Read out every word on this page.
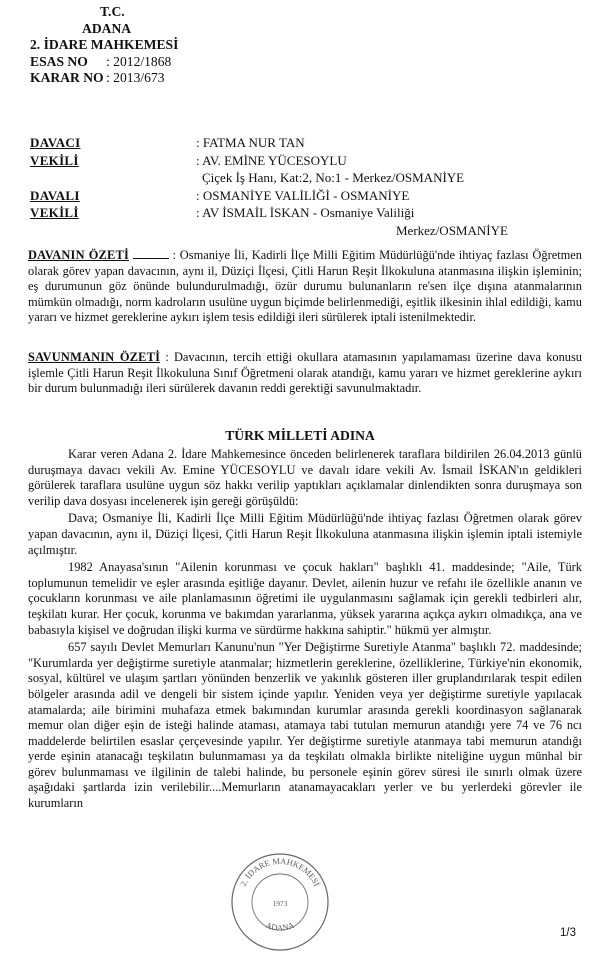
T.C.
ADANA
2. İDARE MAHKEMESİ
ESAS NO : 2012/1868
KARAR NO : 2013/673
DAVACI	: FATMA NUR TAN
VEKİLİ	: AV. EMİNE YÜCESOYLU
Çiçek İş Hanı, Kat:2, No:1 - Merkez/OSMANİYE
DAVALI	: OSMANİYE VALİLİĞİ - OSMANİYE
VEKİLİ	: AV İSMAİL İSKAN - Osmaniye Valiliği
Merkez/OSMANİYE
DAVANIN ÖZETİ	: Osmaniye İli, Kadirli İlçe Milli Eğitim Müdürlüğü'nde ihtiyaç fazlası Öğretmen olarak görev yapan davacının, aynı il, Düziçi İlçesi, Çitli Harun Reşit İlkokuluna atanmasına ilişkin işleminin; eş durumunun göz önünde bulundurulmadığı, özür durumu bulunanların re'sen ilçe dışına atanmalarının mümkün olmadığı, norm kadroların usulüne uygun biçimde belirlenmediği, eşitlik ilkesinin ihlal edildiği, kamu yararı ve hizmet gereklerine aykırı işlem tesis edildiği ileri sürülerek iptali istenilmektedir.
SAVUNMANIN ÖZETİ : Davacının, tercih ettiği okullara atamasının yapılamaması üzerine dava konusu işlemle Çitli Harun Reşit İlkokuluna Sınıf Öğretmeni olarak atandığı, kamu yararı ve hizmet gereklerine aykırı bir durum bulunmadığı ileri sürülerek davanın reddi gerektiği savunulmaktadır.
TÜRK MİLLETİ ADINA

Karar veren Adana 2. İdare Mahkemesince önceden belirlenerek taraflara bildirilen 26.04.2013 günlü duruşmaya davacı vekili Av. Emine YÜCESOYLU ve davalı idare vekili Av. İsmail İSKAN'ın geldikleri görülerek taraflara usulüne uygun söz hakkı verilip yaptıkları açıklamalar dinlendikten sonra duruşmaya son verilip dava dosyası incelenerek işin gereği görüşüldü:

Dava; Osmaniye İli, Kadirli İlçe Milli Eğitim Müdürlüğü'nde ihtiyaç fazlası Öğretmen olarak görev yapan davacının, aynı il, Düziçi İlçesi, Çitli Harun Reşit İlkokuluna atanmasına ilişkin işlemin iptali istemiyle açılmıştır.

1982 Anayasa'sının "Ailenin korunması ve çocuk hakları" başlıklı 41. maddesinde; "Aile, Türk toplumunun temelidir ve eşler arasında eşitliğe dayanır. Devlet, ailenin huzur ve refahı ile özellikle ananın ve çocukların korunması ve aile planlamasının öğretimi ile uygulanmasını sağlamak için gerekli tedbirleri alır, teşkilatı kurar. Her çocuk, korunma ve bakımdan yararlanma, yüksek yararına açıkça aykırı olmadıkça, ana ve babasıyla kişisel ve doğrudan ilişki kurma ve sürdürme hakkına sahiptir." hükmü yer almıştır.

657 sayılı Devlet Memurları Kanunu'nun "Yer Değiştirme Suretiyle Atanma" başlıklı 72. maddesinde; "Kurumlarda yer değiştirme suretiyle atanmalar; hizmetlerin gereklerine, özelliklerine, Türkiye'nin ekonomik, sosyal, kültürel ve ulaşım şartları yönünden benzerlik ve yakınlık gösteren iller gruplandırılarak tespit edilen bölgeler arasında adil ve dengeli bir sistem içinde yapılır. Yeniden veya yer değiştirme suretiyle yapılacak atamalarda; aile birimini muhafaza etmek bakımından kurumlar arasında gerekli koordinasyon sağlanarak memur olan diğer eşin de isteği halinde ataması, atamaya tabi tutulan memurun atandığı yere 74 ve 76 ncı maddelerde belirtilen esaslar çerçevesinde yapılır. Yer değiştirme suretiyle atanmaya tabi memurun atandığı yerde eşinin atanacağı teşkilatın bulunmaması ya da teşkilatı olmakla birlikte niteliğine uygun münhal bir görev bulunmaması ve ilgilinin de talebi halinde, bu personele eşinin görev süresi ile sınırlı olmak üzere aşağıdaki şartlarda izin verilebilir....Memurların atanamayacakları yerler ve bu yerlerdeki görevler ile kurumların

2. İDARE MAHKEMESİ
ADANA
1973
1/3
